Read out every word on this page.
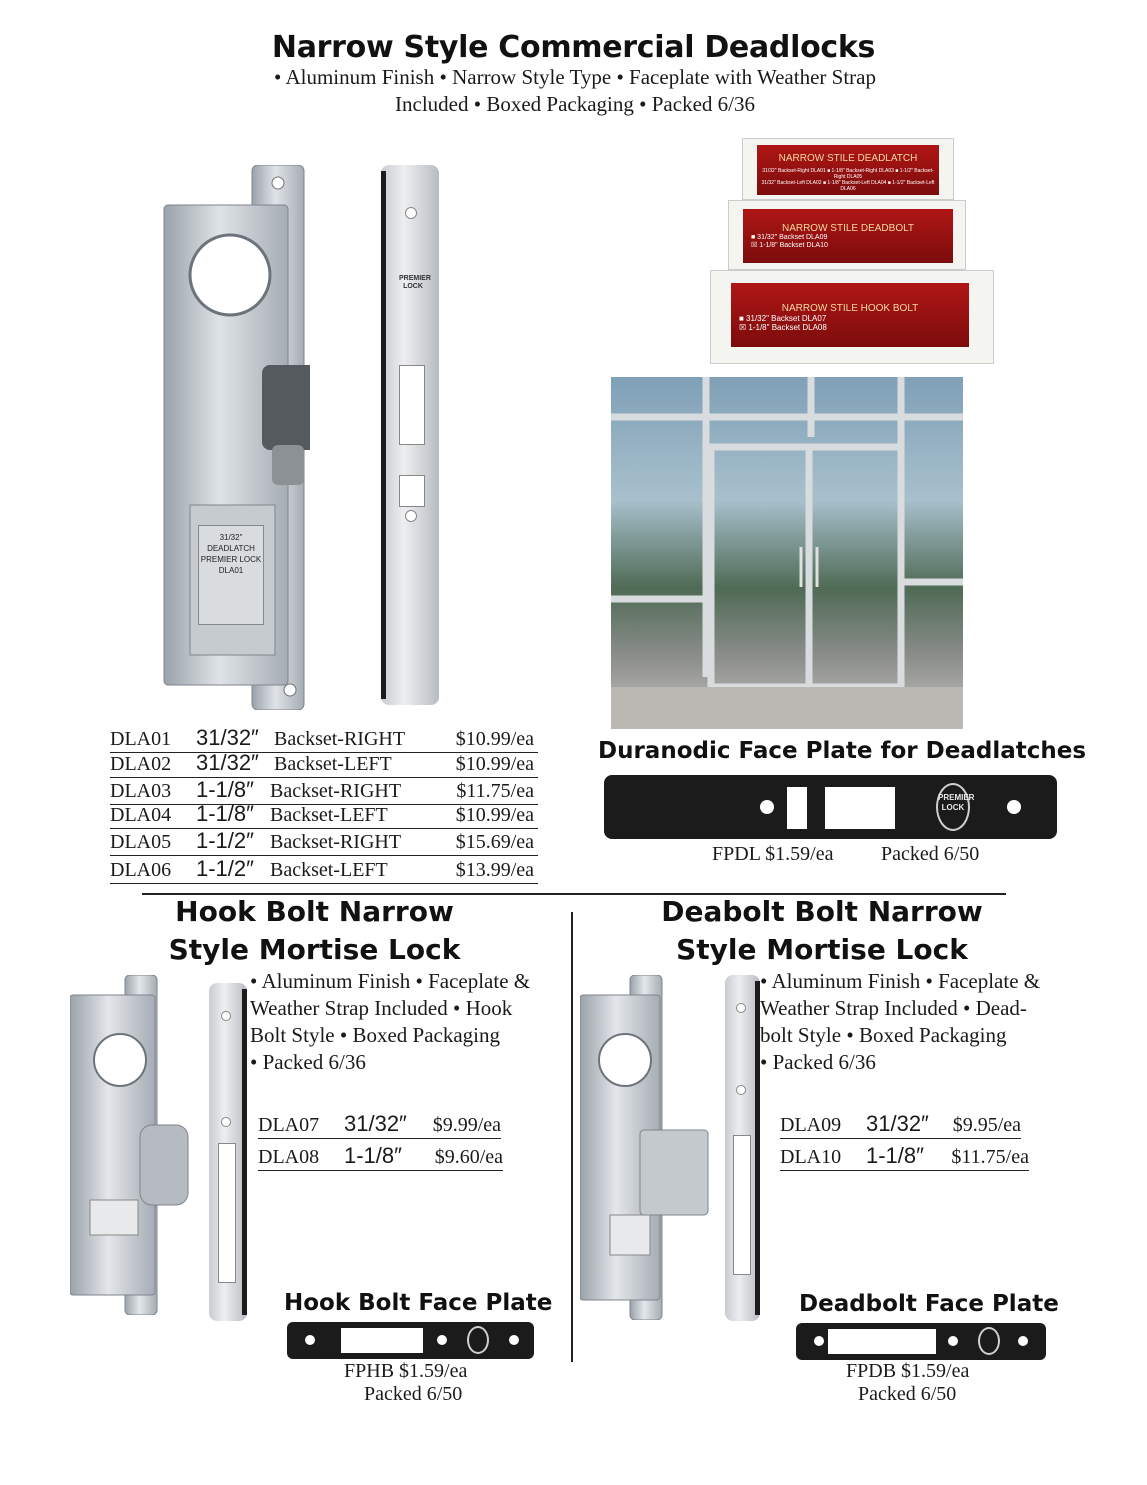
Narrow Style Commercial Deadlocks
• Aluminum Finish • Narrow Style Type • Faceplate with Weather Strap
Included • Boxed Packaging • Packed 6/36
31/32" DEADLATCH
PREMIER LOCK
DLA01
PREMIER LOCK
NARROW STILE DEADLATCH
31/32" Backset-Right DLA01 ■ 1-1/8" Backset-Right DLA03 ■ 1-1/2" Backset-Right DLA05
31/32" Backset-Left DLA02 ■ 1-1/8" Backset-Left DLA04 ■ 1-1/2" Backset-Left DLA06
NARROW STILE DEADBOLT
■ 31/32" Backset DLA09
☒ 1-1/8" Backset DLA10
NARROW STILE HOOK BOLT
■ 31/32" Backset DLA07
☒ 1-1/8" Backset DLA08
DLA01 31/32″ Backset-RIGHT	$10.99/ea
DLA02 31/32″ Backset-LEFT	$10.99/ea
DLA03 1-1/8″ Backset-RIGHT	$11.75/ea
DLA04 1-1/8″ Backset-LEFT	$10.99/ea
DLA05 1-1/2″ Backset-RIGHT	$15.69/ea
DLA06 1-1/2″ Backset-LEFT	$13.99/ea
Duranodic Face Plate for Deadlatches
PREMIER LOCK
FPDL $1.59/ea Packed 6/50
Hook Bolt Narrow
Style Mortise Lock
• Aluminum Finish • Faceplate &
Weather Strap Included • Hook
Bolt Style • Boxed Packaging
• Packed 6/36
DLA07 31/32″ $9.99/ea
DLA08 1-1/8″ $9.60/ea
Hook Bolt Face Plate
FPHB $1.59/ea
Packed 6/50
Deabolt Bolt Narrow
Style Mortise Lock
• Aluminum Finish • Faceplate &
Weather Strap Included • Dead-
bolt Style • Boxed Packaging
• Packed 6/36
DLA09 31/32″ $9.95/ea
DLA10 1-1/8″ $11.75/ea
Deadbolt Face Plate
FPDB $1.59/ea
Packed 6/50
